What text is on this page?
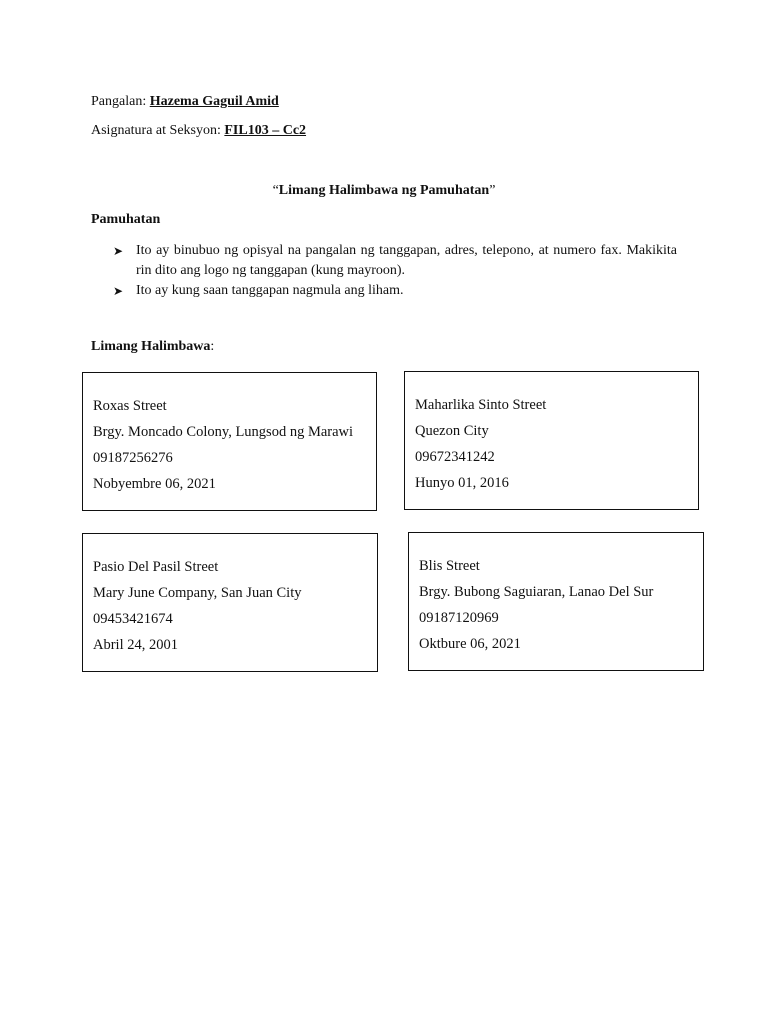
Pangalan: Hazema Gaguil Amid
Asignatura at Seksyon: FIL103 – Cc2
“Limang Halimbawa ng Pamuhatan”
Pamuhatan
➤ Ito ay binubuo ng opisyal na pangalan ng tanggapan, adres, telepono, at numero fax. Makikita rin dito ang logo ng tanggapan (kung mayroon).
➤ Ito ay kung saan tanggapan nagmula ang liham.
Limang Halimbawa:
Roxas Street
Brgy. Moncado Colony, Lungsod ng Marawi
09187256276
Nobyembre 06, 2021
Maharlika Sinto Street
Quezon City
09672341242
Hunyo 01, 2016
Pasio Del Pasil Street
Mary June Company, San Juan City
09453421674
Abril 24, 2001
Blis Street
Brgy. Bubong Saguiaran, Lanao Del Sur
09187120969
Oktbure 06, 2021
